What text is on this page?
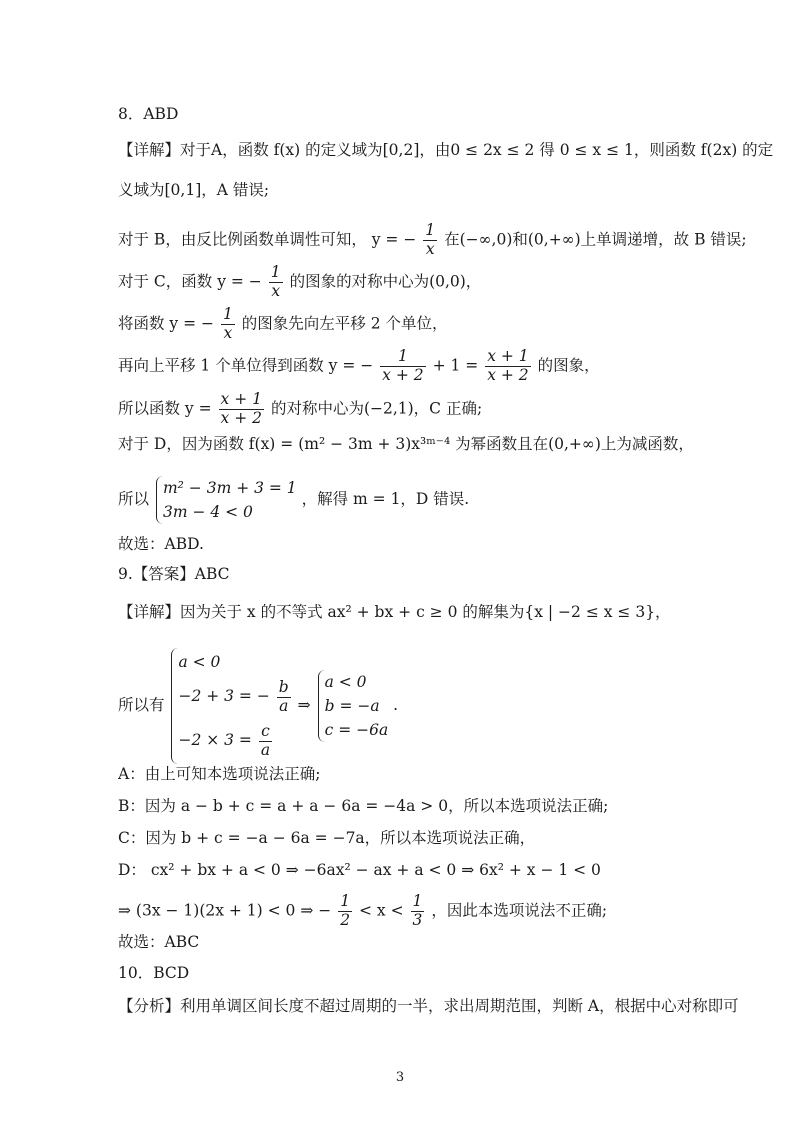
8．ABD
【详解】对于A，函数 f(x) 的定义域为[0,2]，由0 ≤ 2x ≤ 2 得 0 ≤ x ≤ 1，则函数 f(2x) 的定
义域为[0,1]，A 错误;
对于 B，由反比例函数单调性可知， y = − $\frac{1}{x}$ 在(−∞,0)和(0,+∞)上单调递增，故 B 错误;
对于 C，函数 y = − $\frac{1}{x}$ 的图象的对称中心为(0,0)，
将函数 y = − $\frac{1}{x}$ 的图象先向左平移 2 个单位，
再向上平移 1 个单位得到函数 y = − $\frac{1}{x + 2} + 1 = \frac{x + 1}{x + 2}$ 的图象，
所以函数 $y = \frac{x + 1}{x + 2}$ 的对称中心为(−2,1)，C 正确;
对于 D，因为函数 f(x) = (m² − 3m + 3)x³ᵐ⁻⁴ 为幂函数且在(0,+∞)上为减函数，
所以
m² − 3m + 3 = 1
3m − 4 < 0
，解得 m = 1，D 错误.
故选：ABD.
9.【答案】ABC
【详解】因为关于 x 的不等式 ax² + bx + c ≥ 0 的解集为{x | −2 ≤ x ≤ 3}，
所以有
a < 0
−2 + 3 = − $\frac{b}{a}$
$-2 \times 3 = \frac{c}{a}$
⇒
a < 0
b = −a
c = −6a
.
A：由上可知本选项说法正确;
B：因为 a − b + c = a + a − 6a = −4a > 0，所以本选项说法正确;
C：因为 b + c = −a − 6a = −7a，所以本选项说法正确，
D： cx² + bx + a < 0 ⇒ −6ax² − ax + a < 0 ⇒ 6x² + x − 1 < 0
⇒ (3x − 1)(2x + 1) < 0 ⇒ − $\frac{1}{2} < x < \frac{1}{3}$ ，因此本选项说法不正确;
故选：ABC
10．BCD
【分析】利用单调区间长度不超过周期的一半，求出周期范围，判断 A，根据中心对称即可
3
